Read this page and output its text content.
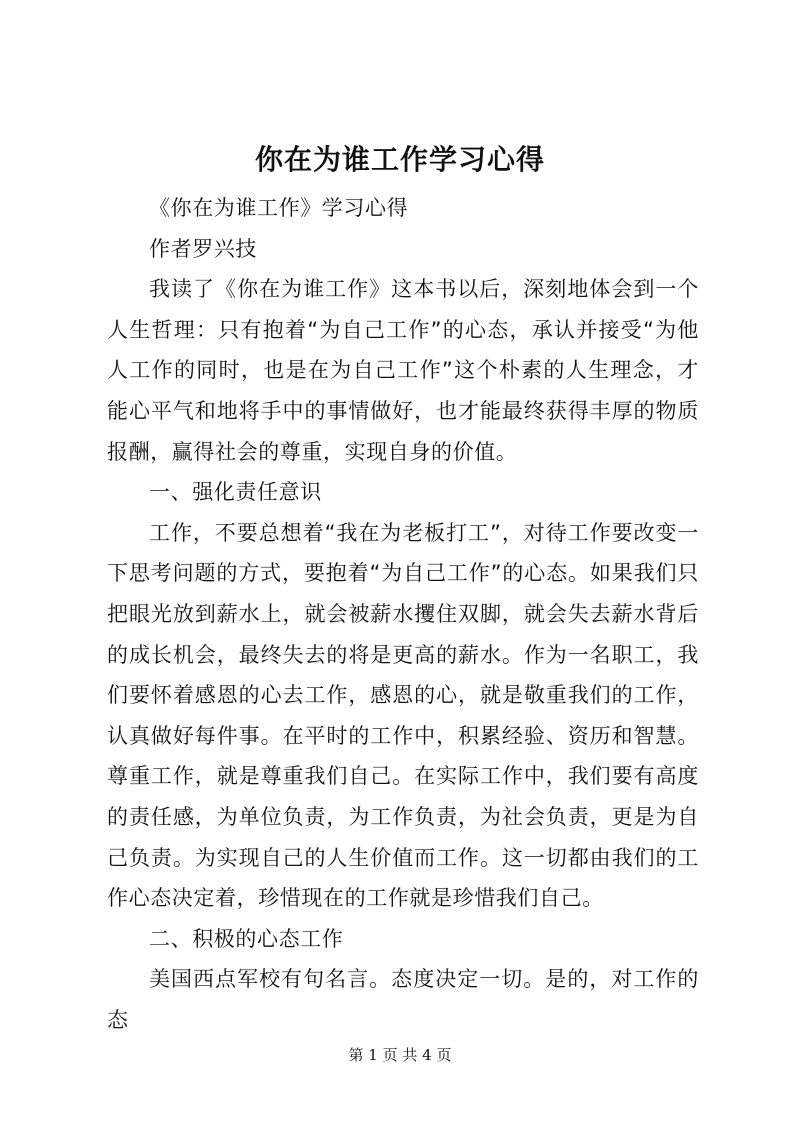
你在为谁工作学习心得

《你在为谁工作》学习心得

作者罗兴技

我读了《你在为谁工作》这本书以后，深刻地体会到一个人生哲理：只有抱着“为自己工作”的心态，承认并接受“为他人工作的同时，也是在为自己工作”这个朴素的人生理念，才能心平气和地将手中的事情做好，也才能最终获得丰厚的物质报酬，赢得社会的尊重，实现自身的价值。

一、强化责任意识

工作，不要总想着“我在为老板打工”，对待工作要改变一下思考问题的方式，要抱着“为自己工作”的心态。如果我们只把眼光放到薪水上，就会被薪水攫住双脚，就会失去薪水背后的成长机会，最终失去的将是更高的薪水。作为一名职工，我们要怀着感恩的心去工作，感恩的心，就是敬重我们的工作，认真做好每件事。在平时的工作中，积累经验、资历和智慧。尊重工作，就是尊重我们自己。在实际工作中，我们要有高度的责任感，为单位负责，为工作负责，为社会负责，更是为自己负责。为实现自己的人生价值而工作。这一切都由我们的工作心态决定着，珍惜现在的工作就是珍惜我们自己。

二、积极的心态工作

美国西点军校有句名言。态度决定一切。是的，对工作的态

第 1 页 共 4 页
